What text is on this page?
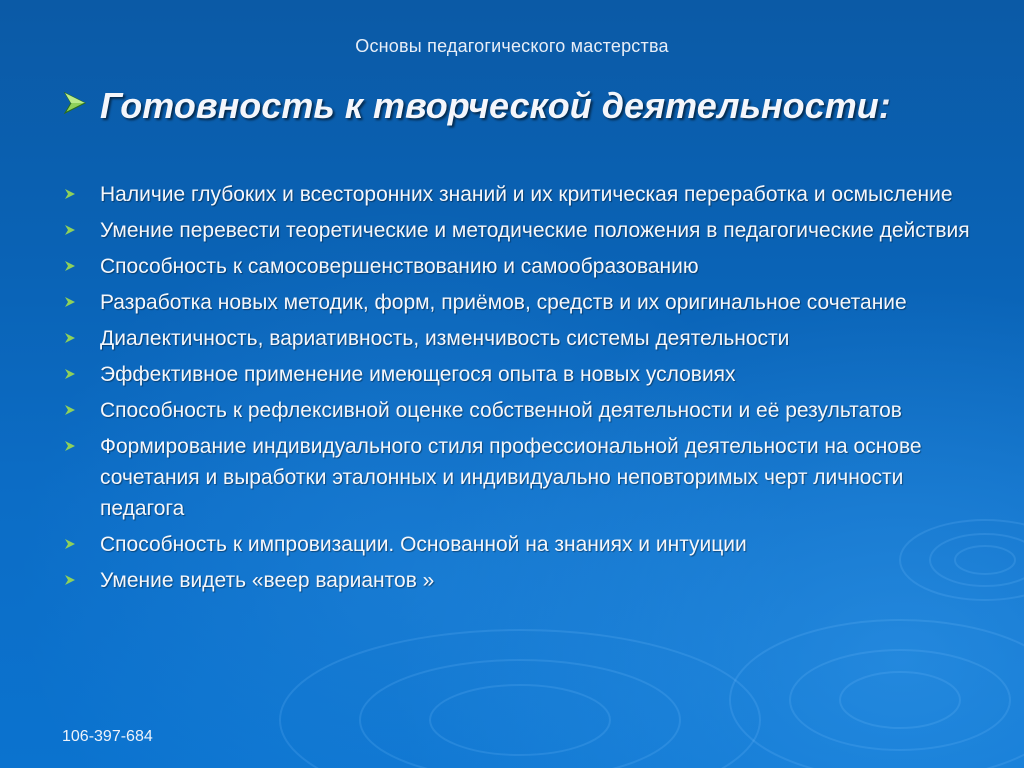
Основы педагогического мастерства
Готовность к творческой деятельности:
Наличие глубоких и всесторонних знаний и их критическая переработка и осмысление
Умение перевести теоретические и методические положения в педагогические действия
Способность к самосовершенствованию и самообразованию
Разработка новых методик, форм, приёмов, средств и их оригинальное сочетание
Диалектичность, вариативность, изменчивость системы деятельности
Эффективное применение имеющегося опыта в новых условиях
Способность к рефлексивной оценке собственной деятельности и её результатов
Формирование индивидуального стиля профессиональной деятельности на основе сочетания и выработки эталонных и индивидуально неповторимых черт личности педагога
Способность к импровизации. Основанной на знаниях и интуиции
Умение видеть «веер вариантов »
106-397-684
